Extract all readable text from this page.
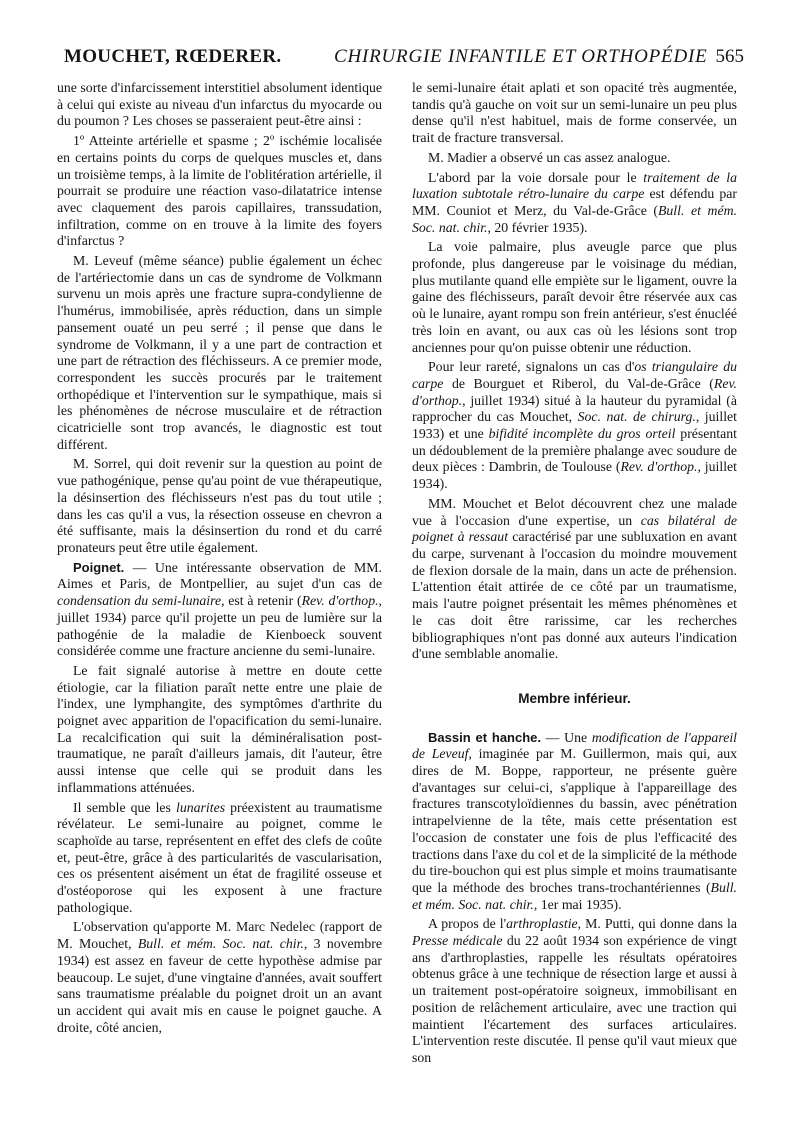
MOUCHET, RŒDERER.	CHIRURGIE INFANTILE ET ORTHOPÉDIE 565

une sorte d'infarcissement interstitiel absolument identique à celui qui existe au niveau d'un infarctus du myocarde ou du poumon ? Les choses se passeraient peut-être ainsi :

1º Atteinte artérielle et spasme ; 2º ischémie localisée en certains points du corps de quelques muscles et, dans un troisième temps, à la limite de l'oblitération artérielle, il pourrait se produire une réaction vaso-dilatatrice intense avec claquement des parois capillaires, transsudation, infiltration, comme on en trouve à la limite des foyers d'infarctus ?

M. Leveuf (même séance) publie également un échec de l'artériectomie dans un cas de syndrome de Volkmann survenu un mois après une fracture supra-condylienne de l'humérus, immobilisée, après réduction, dans un simple pansement ouaté un peu serré ; il pense que dans le syndrome de Volkmann, il y a une part de contraction et une part de rétraction des fléchisseurs. A ce premier mode, correspondent les succès procurés par le traitement orthopédique et l'intervention sur le sympathique, mais si les phénomènes de nécrose musculaire et de rétraction cicatricielle sont trop avancés, le diagnostic est tout différent.

M. Sorrel, qui doit revenir sur la question au point de vue pathogénique, pense qu'au point de vue thérapeutique, la désinsertion des fléchisseurs n'est pas du tout utile ; dans les cas qu'il a vus, la résection osseuse en chevron a été suffisante, mais la désinsertion du rond et du carré pronateurs peut être utile également.

Poignet. — Une intéressante observation de MM. Aimes et Paris, de Montpellier, au sujet d'un cas de condensation du semi-lunaire, est à retenir (Rev. d'orthop., juillet 1934) parce qu'il projette un peu de lumière sur la pathogénie de la maladie de Kienboeck souvent considérée comme une fracture ancienne du semi-lunaire.

Le fait signalé autorise à mettre en doute cette étiologie, car la filiation paraît nette entre une plaie de l'index, une lymphangite, des symptômes d'arthrite du poignet avec apparition de l'opacification du semi-lunaire. La recalcification qui suit la déminéralisation post-traumatique, ne paraît d'ailleurs jamais, dit l'auteur, être aussi intense que celle qui se produit dans les inflammations atténuées.

Il semble que les lunarites préexistent au traumatisme révélateur. Le semi-lunaire au poignet, comme le scaphoïde au tarse, représentent en effet des clefs de coûte et, peut-être, grâce à des particularités de vascularisation, ces os présentent aisément un état de fragilité osseuse et d'ostéoporose qui les exposent à une fracture pathologique.

L'observation qu'apporte M. Marc Nedelec (rapport de M. Mouchet, Bull. et mém. Soc. nat. chir., 3 novembre 1934) est assez en faveur de cette hypothèse admise par beaucoup. Le sujet, d'une vingtaine d'années, avait souffert sans traumatisme préalable du poignet droit un an avant un accident qui avait mis en cause le poignet gauche. A droite, côté ancien,

le semi-lunaire était aplati et son opacité très augmentée, tandis qu'à gauche on voit sur un semi-lunaire un peu plus dense qu'il n'est habituel, mais de forme conservée, un trait de fracture transversal.

M. Madier a observé un cas assez analogue.

L'abord par la voie dorsale pour le traitement de la luxation subtotale rétro-lunaire du carpe est défendu par MM. Couniot et Merz, du Val-de-Grâce (Bull. et mém. Soc. nat. chir., 20 février 1935).

La voie palmaire, plus aveugle parce que plus profonde, plus dangereuse par le voisinage du médian, plus mutilante quand elle empiète sur le ligament, ouvre la gaine des fléchisseurs, paraît devoir être réservée aux cas où le lunaire, ayant rompu son frein antérieur, s'est énucléé très loin en avant, ou aux cas où les lésions sont trop anciennes pour qu'on puisse obtenir une réduction.

Pour leur rareté, signalons un cas d'os triangulaire du carpe de Bourguet et Riberol, du Val-de-Grâce (Rev. d'orthop., juillet 1934) situé à la hauteur du pyramidal (à rapprocher du cas Mouchet, Soc. nat. de chirurg., juillet 1933) et une bifidité incomplète du gros orteil présentant un dédoublement de la première phalange avec soudure de deux pièces : Dambrin, de Toulouse (Rev. d'orthop., juillet 1934).

MM. Mouchet et Belot découvrent chez une malade vue à l'occasion d'une expertise, un cas bilatéral de poignet à ressaut caractérisé par une subluxation en avant du carpe, survenant à l'occasion du moindre mouvement de flexion dorsale de la main, dans un acte de préhension. L'attention était attirée de ce côté par un traumatisme, mais l'autre poignet présentait les mêmes phénomènes et le cas doit être rarissime, car les recherches bibliographiques n'ont pas donné aux auteurs l'indication d'une semblable anomalie.

Membre inférieur.

Bassin et hanche. — Une modification de l'appareil de Leveuf, imaginée par M. Guillermon, mais qui, aux dires de M. Boppe, rapporteur, ne présente guère d'avantages sur celui-ci, s'applique à l'appareillage des fractures transcotyloïdiennes du bassin, avec pénétration intrapelvienne de la tête, mais cette présentation est l'occasion de constater une fois de plus l'efficacité des tractions dans l'axe du col et de la simplicité de la méthode du tire-bouchon qui est plus simple et moins traumatisante que la méthode des broches trans-trochantériennes (Bull. et mém. Soc. nat. chir., 1er mai 1935).

A propos de l'arthroplastie, M. Putti, qui donne dans la Presse médicale du 22 août 1934 son expérience de vingt ans d'arthroplasties, rappelle les résultats opératoires obtenus grâce à une technique de résection large et aussi à un traitement post-opératoire soigneux, immobilisant en position de relâchement articulaire, avec une traction qui maintient l'écartement des surfaces articulaires. L'intervention reste discutée. Il pense qu'il vaut mieux que son
